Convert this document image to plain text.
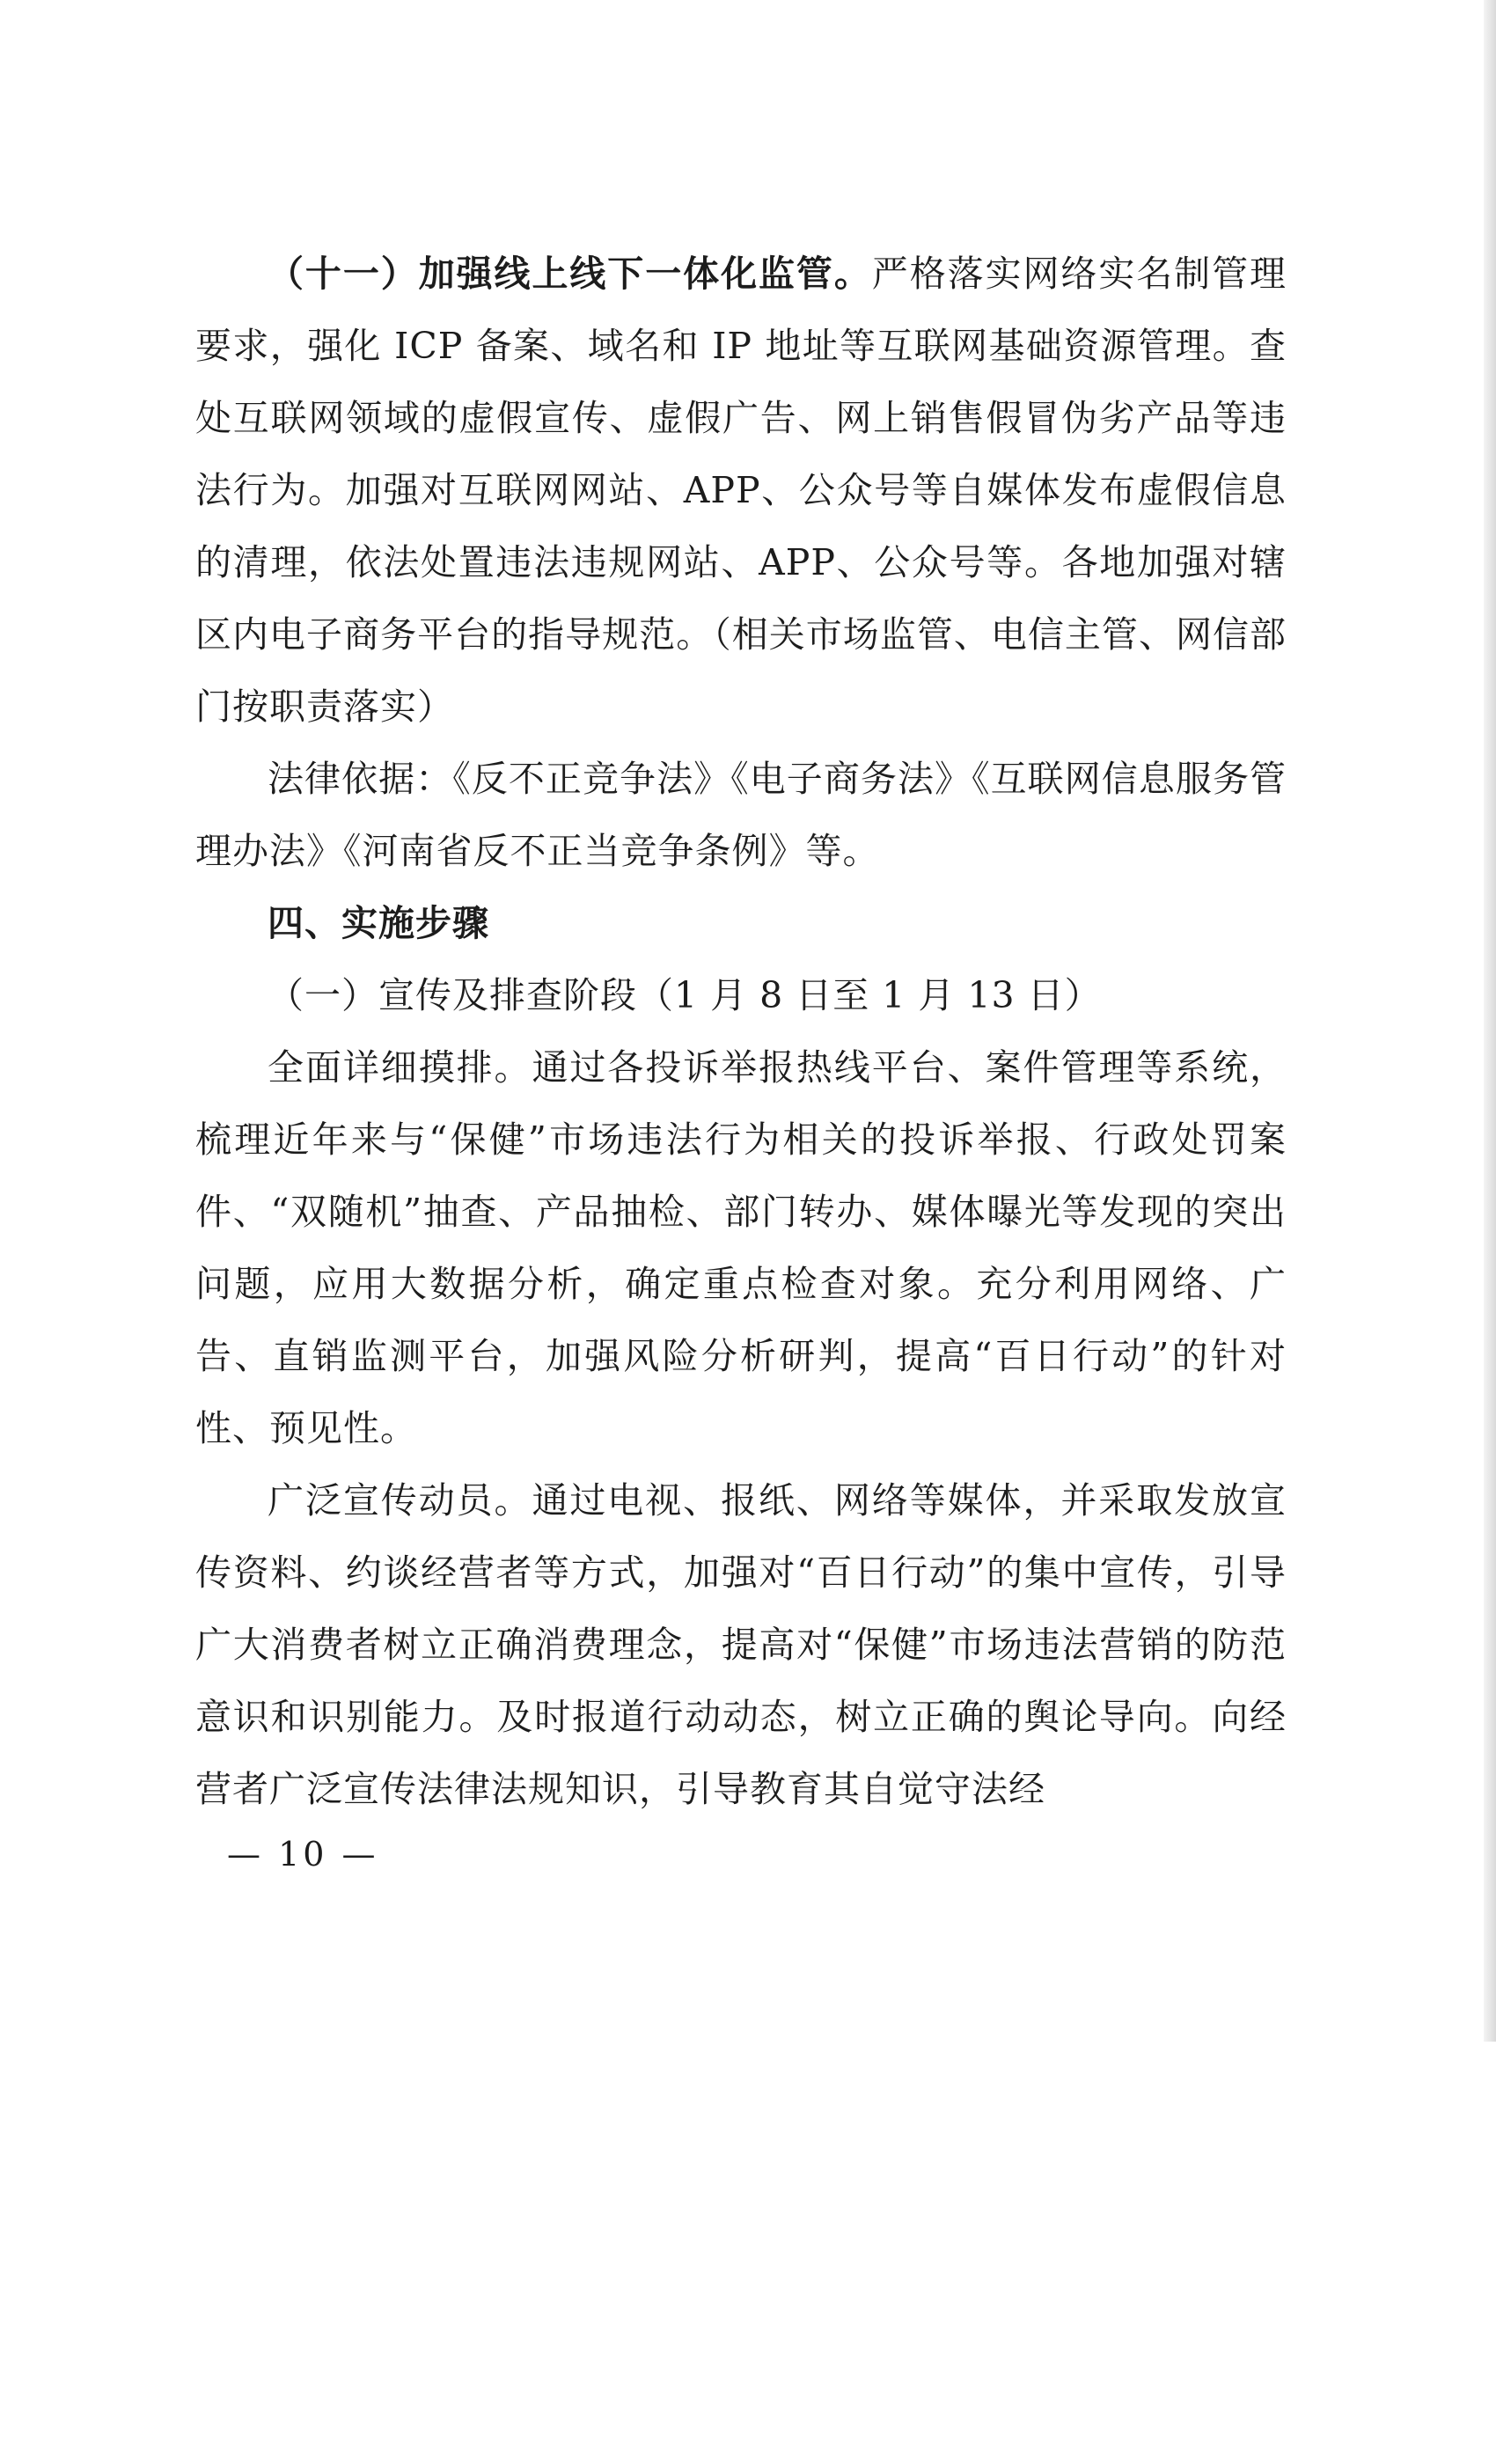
（十一）加强线上线下一体化监管。严格落实网络实名制管理要求，强化 ICP 备案、域名和 IP 地址等互联网基础资源管理。查处互联网领域的虚假宣传、虚假广告、网上销售假冒伪劣产品等违法行为。加强对互联网网站、APP、公众号等自媒体发布虚假信息的清理，依法处置违法违规网站、APP、公众号等。各地加强对辖区内电子商务平台的指导规范。（相关市场监管、电信主管、网信部门按职责落实）

法律依据：《反不正竞争法》《电子商务法》《互联网信息服务管理办法》《河南省反不正当竞争条例》等。

四、实施步骤

（一）宣传及排查阶段（1 月 8 日至 1 月 13 日）

全面详细摸排。通过各投诉举报热线平台、案件管理等系统，梳理近年来与“保健”市场违法行为相关的投诉举报、行政处罚案件、“双随机”抽查、产品抽检、部门转办、媒体曝光等发现的突出问题，应用大数据分析，确定重点检查对象。充分利用网络、广告、直销监测平台，加强风险分析研判，提高“百日行动”的针对性、预见性。

广泛宣传动员。通过电视、报纸、网络等媒体，并采取发放宣传资料、约谈经营者等方式，加强对“百日行动”的集中宣传，引导广大消费者树立正确消费理念，提高对“保健”市场违法营销的防范意识和识别能力。及时报道行动动态，树立正确的舆论导向。向经营者广泛宣传法律法规知识，引导教育其自觉守法经

— 10 —
